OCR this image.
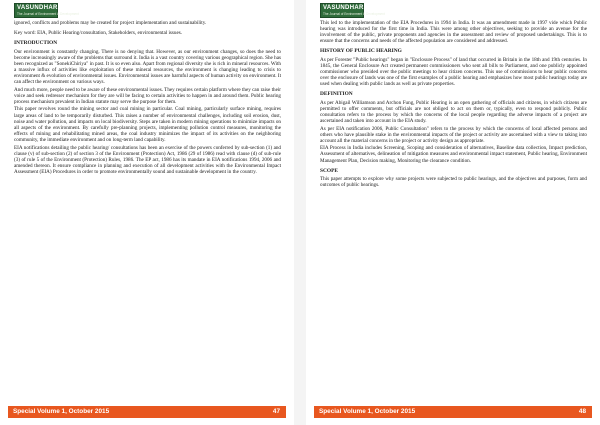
VASUNDHARA
The Journal of Environment & Development

ignored, conflicts and problems may be created for project implementation and sustainability.

Key word: EIA, Public Hearing/consultation, Stakeholders, environmental issues.

INTRODUCTION

Our environment is constantly changing. There is no denying that. However, as our environment changes, so does the need to become increasingly aware of the problems that surround it. India is a vast country covering various geographical region. She has been recognized as "SonekiChiriya" in past. It is so even also. Apart from regional diversity she is rich in mineral resources. With a massive influx of activities like exploitation of these mineral resources, the environment is changing leading to crisis to environment & evolution of environmental issues. Environmental issues are harmful aspects of human activity on environment. It can affect the environment on various ways.

And much more, people need to be aware of these environmental issues. They requires certain platform where they can raise their voice and seek redresser mechanism for they are will be facing to certain activities to happen in and around them. Public hearing process mechanism prevalent in Indian statute may serve the purpose for them.

This paper revolves round the mining sector and coal mining in particular. Coal mining, particularly surface mining, requires large areas of land to be temporarily disturbed. This raises a number of environmental challenges, including soil erosion, dust, noise and water pollution, and impacts on local biodiversity. Steps are taken in modern mining operations to minimize impacts on all aspects of the environment. By carefully pre-planning projects, implementing pollution control measures, monitoring the effects of mining and rehabilitating mined areas, the coal industry minimizes the impact of its activities on the neighboring community, the immediate environment and on long-term land capability.

EIA notifications detailing the public hearing/ consultations has been an exercise of the powers conferred by sub-section (1) and clause (v) of sub-section (2) of section 3 of the Environment (Protection) Act, 1986 (29 of 1986) read with clause (d) of sub-rule (3) of rule 5 of the Environment (Protection) Rules, 1986. The EP act, 1986 has its mandate in EIA notifications 1994, 2006 and amended thereon. It ensure compliance in planning and execution of all development activities with the Environmental Impact Assessment (EIA) Procedures in order to promote environmentally sound and sustainable development in the country.

Special Volume 1, October 2015	47
VASUNDHARA
The Journal of Environment & Development

This led to the implementation of the EIA Procedures in 1994 in India. It was an amendment made in 1997 vide which Public hearing was introduced for the first time in India. This were among other objectives, seeking to provide an avenue for the involvement of the public, private proponents and agencies in the assessment and review of proposed undertakings. This is to ensure that the concerns and needs of the affected population are considered and addressed.

HISTORY OF PUBLIC HEARING

As per Forester "Public hearings" began in "Enclosure Process" of land that occurred in Britain in the 18th and 19th centuries. In 1845, the General Enclosure Act created permanent commissioners who sent all bills to Parliament, and one publicly appointed commissioner who presided over the public meetings to hear citizen concerns. This use of commissions to hear public concerns over the enclosure of lands was one of the first examples of a public hearing and emphasizes how most public hearings today are used when dealing with public lands as well as private properties.

DEFINITION

As per Abigail Williamson and Archon Fung, Public Hearing is an open gathering of officials and citizens, in which citizens are permitted to offer comments, but officials are not obliged to act on them or, typically, even to respond publicly. Public consultation refers to the process by which the concerns of the local people regarding the adverse impacts of a project are ascertained and taken into account in the EIA study.

As per EIA notification 2006, Public Consultation" refers to the process by which the concerns of local affected persons and others who have plausible stake in the environmental impacts of the project or activity are ascertained with a view to taking into account all the material concerns in the project or activity design as appropriate.

EIA Process in India includes Screening, Scoping and consideration of alternatives, Baseline data collection, Impact prediction, Assessment of alternatives, delineation of mitigation measures and environmental impact statement, Public hearing, Environment Management Plan, Decision making, Monitoring the clearance condition.

SCOPE

This paper attempts to explore why some projects were subjected to public hearings, and the objectives and purposes, form and outcomes of public hearings.

Special Volume 1, October 2015	48
